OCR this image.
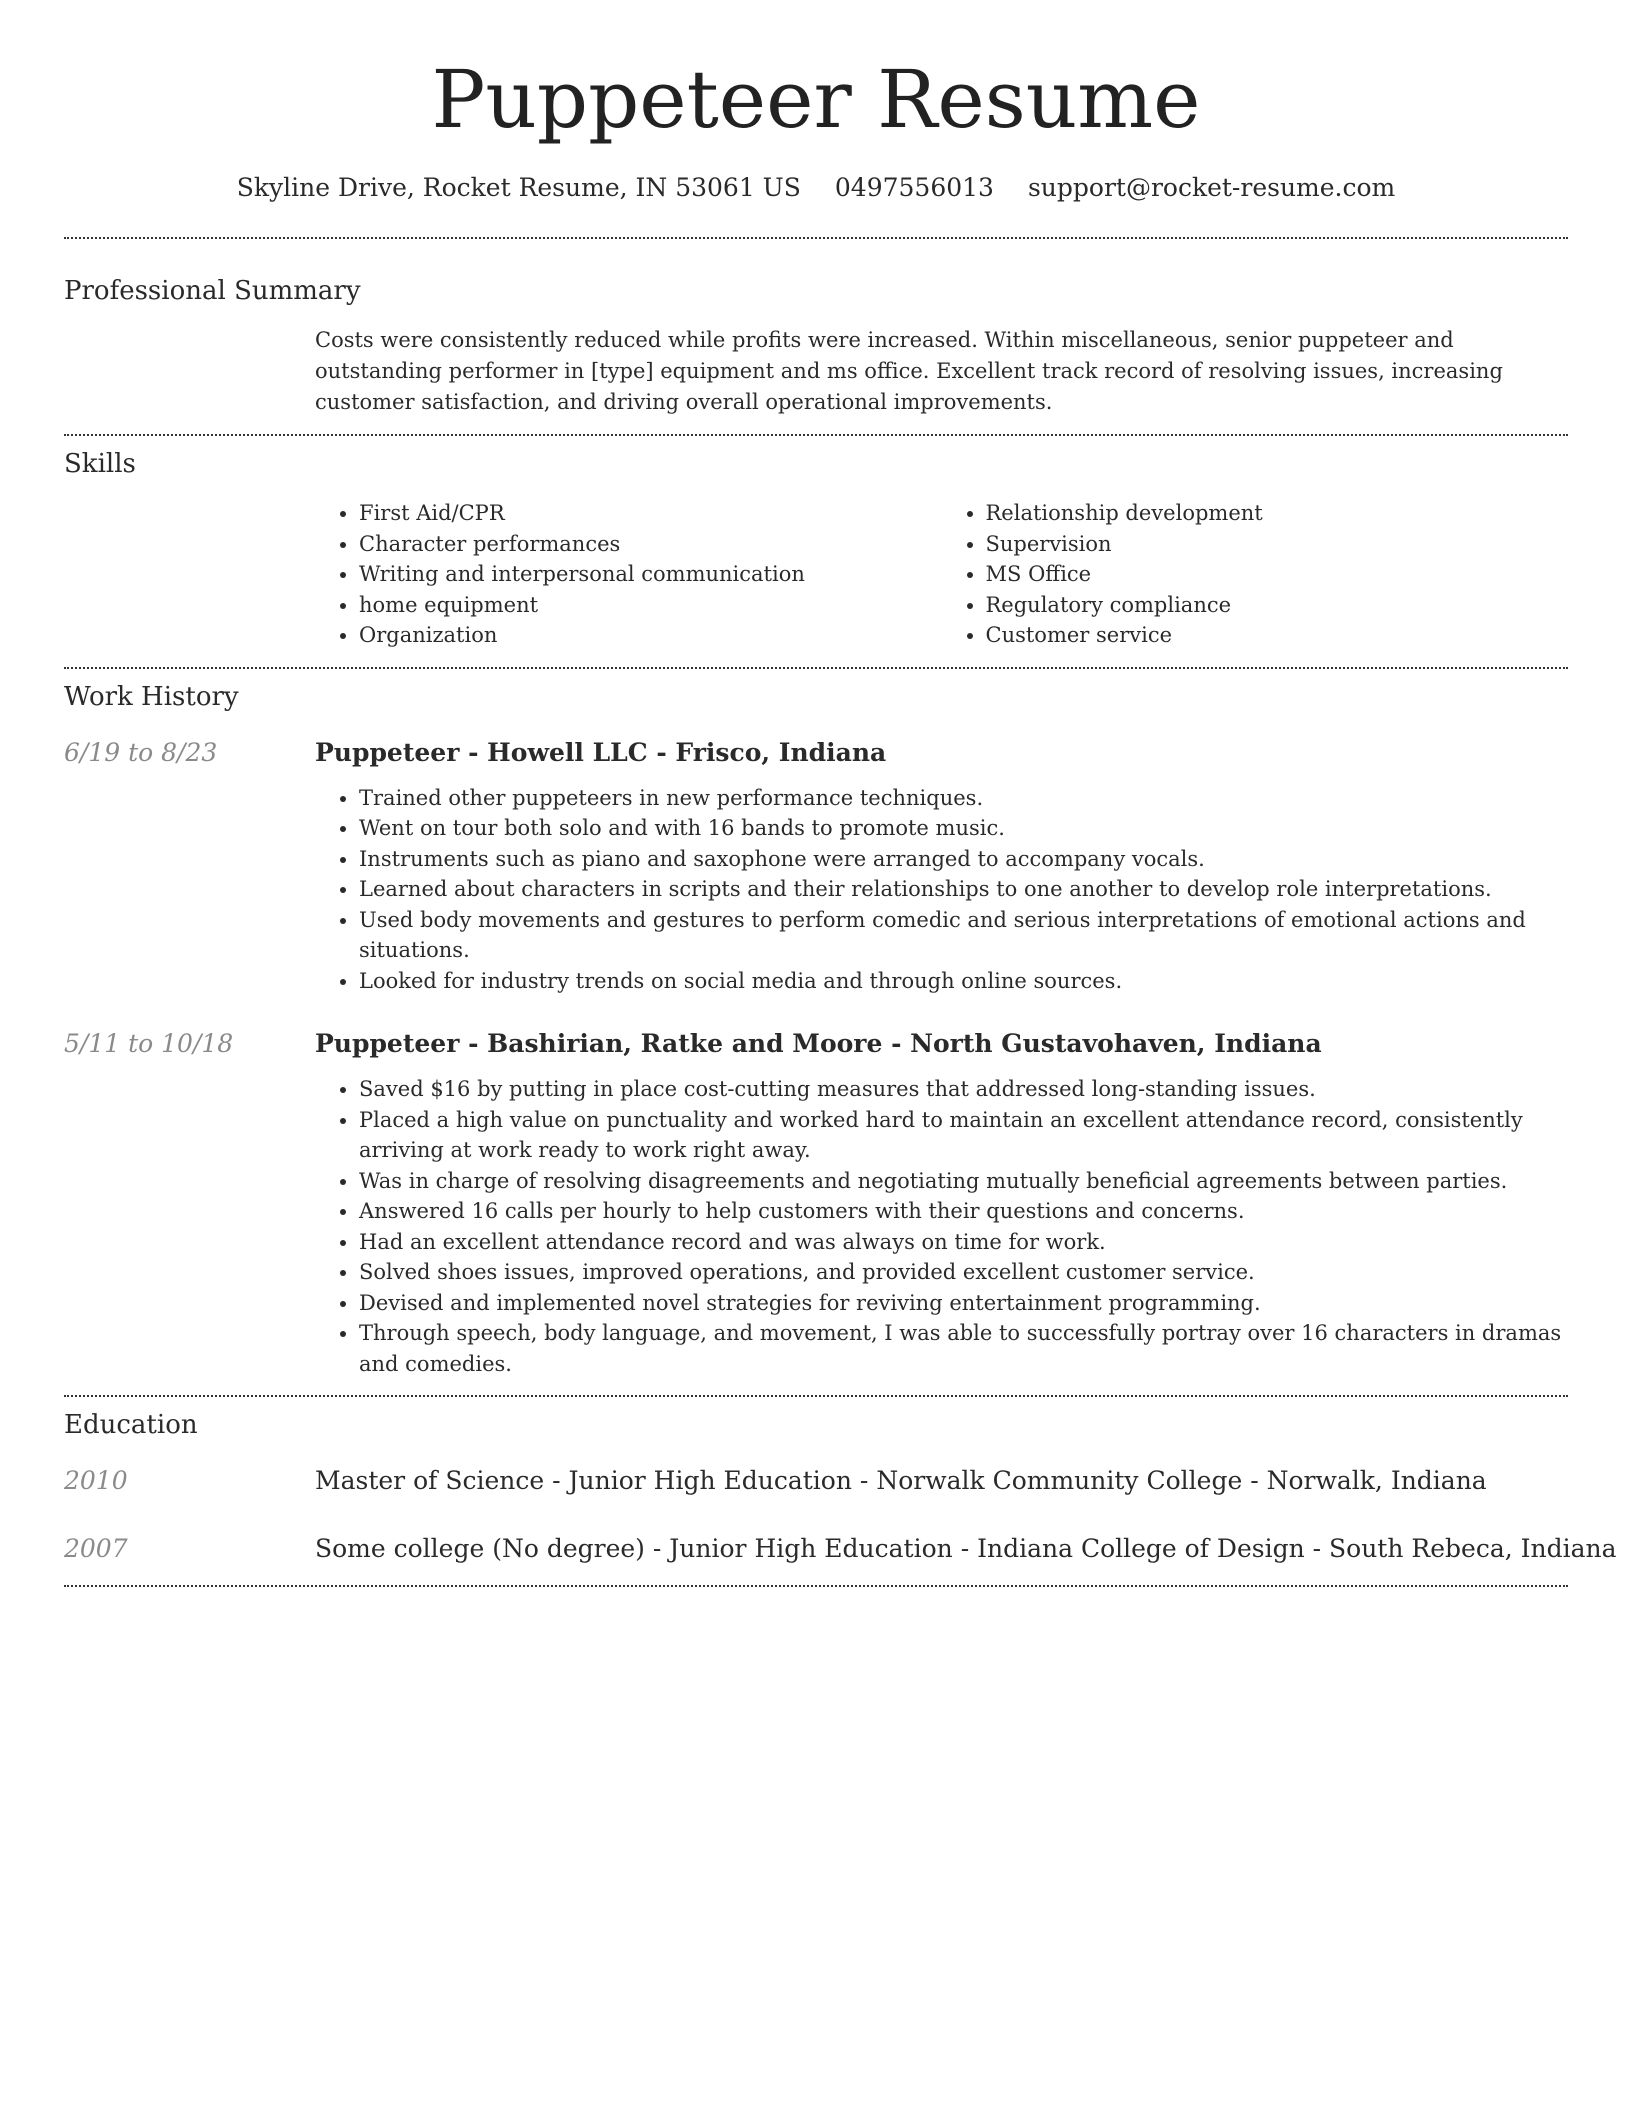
Puppeteer Resume
Skyline Drive, Rocket Resume, IN 53061 US 0497556013 support@rocket-resume.com
Professional Summary

Costs were consistently reduced while profits were increased. Within miscellaneous, senior puppeteer and outstanding performer in [type] equipment and ms office. Excellent track record of resolving issues, increasing customer satisfaction, and driving overall operational improvements.

Skills
• First Aid/CPR
• Character performances
• Writing and interpersonal communication
• home equipment
• Organization
• Relationship development
• Supervision
• MS Office
• Regulatory compliance
• Customer service
Work History
6/19 to 8/23	Puppeteer - Howell LLC - Frisco, Indiana
• Trained other puppeteers in new performance techniques.
• Went on tour both solo and with 16 bands to promote music.
• Instruments such as piano and saxophone were arranged to accompany vocals.
• Learned about characters in scripts and their relationships to one another to develop role interpretations.
• Used body movements and gestures to perform comedic and serious interpretations of emotional actions and situations.
• Looked for industry trends on social media and through online sources.
5/11 to 10/18	Puppeteer - Bashirian, Ratke and Moore - North Gustavohaven, Indiana
• Saved $16 by putting in place cost-cutting measures that addressed long-standing issues.
• Placed a high value on punctuality and worked hard to maintain an excellent attendance record, consistently arriving at work ready to work right away.
• Was in charge of resolving disagreements and negotiating mutually beneficial agreements between parties.
• Answered 16 calls per hourly to help customers with their questions and concerns.
• Had an excellent attendance record and was always on time for work.
• Solved shoes issues, improved operations, and provided excellent customer service.
• Devised and implemented novel strategies for reviving entertainment programming.
• Through speech, body language, and movement, I was able to successfully portray over 16 characters in dramas and comedies.
Education
2010	Master of Science - Junior High Education - Norwalk Community College - Norwalk, Indiana
2007	Some college (No degree) - Junior High Education - Indiana College of Design - South Rebeca, Indiana
